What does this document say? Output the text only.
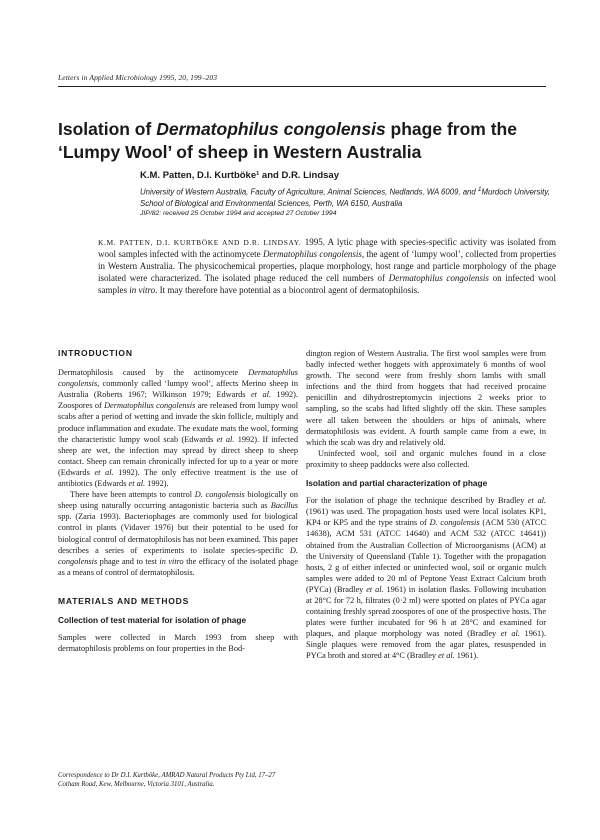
Letters in Applied Microbiology 1995, 20, 199–203
Isolation of Dermatophilus congolensis phage from the ‘Lumpy Wool’ of sheep in Western Australia
K.M. Patten, D.I. Kurtböke¹ and D.R. Lindsay
University of Western Australia, Faculty of Agriculture, Animal Sciences, Nedlands, WA 6009, and $^1$Murdoch University, School of Biological and Environmental Sciences, Perth, WA 6150, Australia
JIP/82: received 25 October 1994 and accepted 27 October 1994
K.M. PATTEN, D.I. KURTBÖKE AND D.R. LINDSAY. 1995. A lytic phage with species-specific activity was isolated from wool samples infected with the actinomycete Dermatophilus congolensis, the agent of ‘lumpy wool’, collected from properties in Western Australia. The physicochemical properties, plaque morphology, host range and particle morphology of the phage isolated were characterized. The isolated phage reduced the cell numbers of Dermatophilus congolensis on infected wool samples in vitro. It may therefore have potential as a biocontrol agent of dermatophilosis.
INTRODUCTION

Dermatophilosis caused by the actinomycete Dermatophilus congolensis, commonly called ‘lumpy wool’, affects Merino sheep in Australia (Roberts 1967; Wilkinson 1979; Edwards et al. 1992). Zoospores of Dermatophilus congolensis are released from lumpy wool scabs after a period of wetting and invade the skin follicle, multiply and produce inflammation and exudate. The exudate mats the wool, forming the characteristic lumpy wool scab (Edwards et al. 1992). If infected sheep are wet, the infection may spread by direct sheep to sheep contact. Sheep can remain chronically infected for up to a year or more (Edwards et al. 1992). The only effective treatment is the use of antibiotics (Edwards et al. 1992).

There have been attempts to control D. congolensis biologically on sheep using naturally occurring antagonistic bacteria such as Bacillus spp. (Zaria 1993). Bacteriophages are commonly used for biological control in plants (Vidaver 1976) but their potential to be used for biological control of dermatophilosis has not been examined. This paper describes a series of experiments to isolate species-specific D. congolensis phage and to test in vitro the efficacy of the isolated phage as a means of control of dermatophilosis.

MATERIALS AND METHODS
Collection of test material for isolation of phage

Samples were collected in March 1993 from sheep with dermatophilosis problems on four properties in the Bod-

Correspondence to Dr D.I. Kurtböke, AMRAD Natural Products Pty Ltd, 17–27 Cotham Road, Kew, Melbourne, Victoria 3101, Australia.

dington region of Western Australia. The first wool samples were from badly infected wether hoggets with approximately 6 months of wool growth. The second were from freshly shorn lambs with small infections and the third from hoggets that had received procaine penicillin and dihydrostreptomycin injections 2 weeks prior to sampling, so the scabs had lifted slightly off the skin. These samples were all taken between the shoulders or hips of animals, where dermatophilosis was evident. A fourth sample came from a ewe, in which the scab was dry and relatively old.

Uninfected wool, soil and organic mulches found in a close proximity to sheep paddocks were also collected.

Isolation and partial characterization of phage

For the isolation of phage the technique described by Bradley et al. (1961) was used. The propagation hosts used were local isolates KP1, KP4 or KP5 and the type strains of D. congolensis (ACM 530 (ATCC 14638), ACM 531 (ATCC 14640) and ACM 532 (ATCC 14641)) obtained from the Australian Collection of Microorganisms (ACM) at the University of Queensland (Table 1). Together with the propagation hosts, 2 g of either infected or uninfected wool, soil or organic mulch samples were added to 20 ml of Peptone Yeast Extract Calcium broth (PYCa) (Bradley et al. 1961) in isolation flasks. Following incubation at 28°C for 72 h, filtrates (0·2 ml) were spotted on plates of PYCa agar containing freshly spread zoospores of one of the prospective hosts. The plates were further incubated for 96 h at 28°C and examined for plaques, and plaque morphology was noted (Bradley et al. 1961). Single plaques were removed from the agar plates, resuspended in PYCa broth and stored at 4°C (Bradley et al. 1961).
